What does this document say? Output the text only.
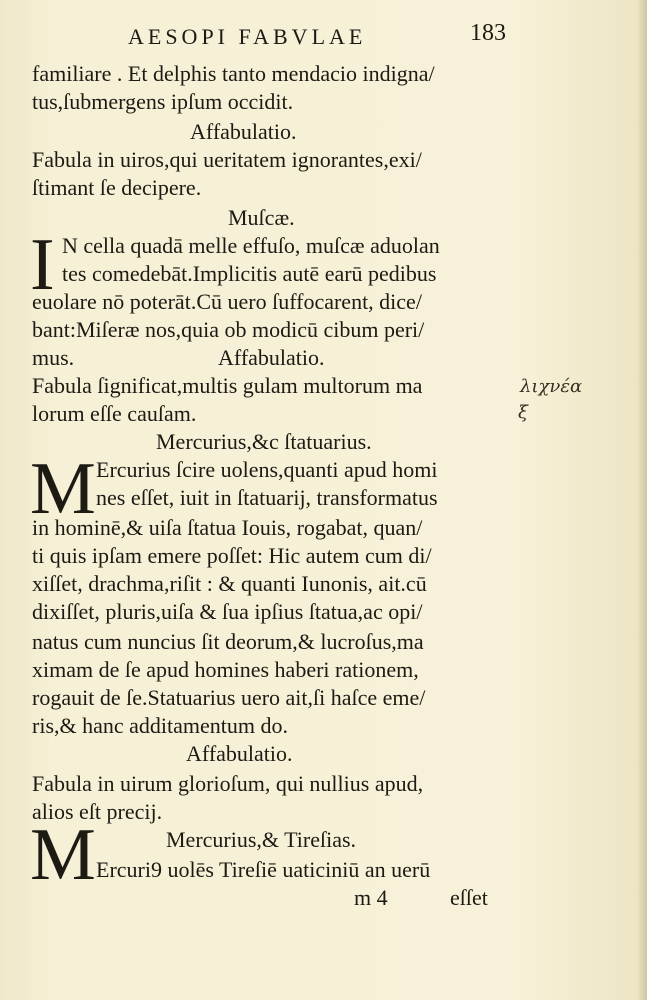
AESOPI FABVLAE	183
familiare . Et delphis tanto mendacio indigna/
tus,ſubmergens ipſum occidit.
Affabulatio.
Fabula in uiros,qui ueritatem ignorantes,exi/
ſtimant ſe decipere.
Muſcæ.
I N cella quadā melle effuſo, muſcæ aduolan
tes comedebāt.Implicitis autē earū pedibus
euolare nō poterāt.Cū uero ſuffocarent, dice/
bant:Miſeræ nos,quia ob modicū cibum peri/
mus.	Affabulatio.
Fabula ſignificat,multis gulam multorum ma
lorum eſſe cauſam.
Mercurius,&c ſtatuarius.
M Ercurius ſcire uolens,quanti apud homi
nes eſſet, iuit in ſtatuarij, transformatus
in hominē,& uiſa ſtatua Iouis, rogabat, quan/
ti quis ipſam emere poſſet: Hic autem cum di/
xiſſet, drachma,riſit : & quanti Iunonis, ait.cū
dixiſſet, pluris,uiſa & ſua ipſius ſtatua,ac opi/
natus cum nuncius ſit deorum,& lucroſus,ma
ximam de ſe apud homines haberi rationem,
rogauit de ſe.Statuarius uero ait,ſi haſce eme/
ris,& hanc additamentum do.
Affabulatio.
Fabula in uirum glorioſum, qui nullius apud,
alios eſt precij.
Mercurius,& Tireſias.
M Ercuri9 uolēs Tireſiē uaticiniū an uerū
m 4	eſſet
λιχνέα
ξ
